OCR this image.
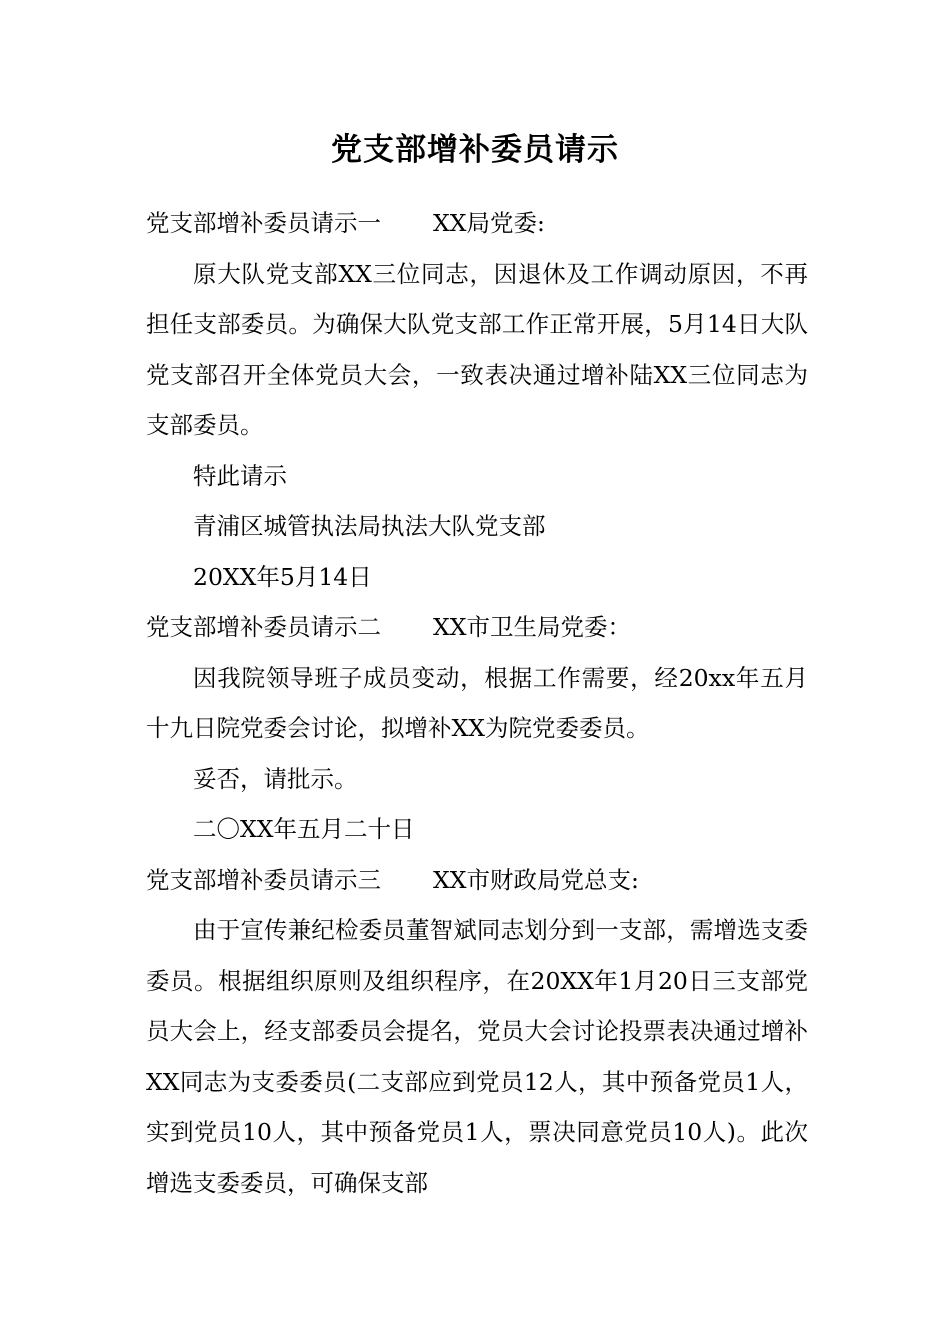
党支部增补委员请示

党支部增补委员请示一 XX局党委:

原大队党支部XX三位同志，因退休及工作调动原因，不再担任支部委员。为确保大队党支部工作正常开展，5月14日大队党支部召开全体党员大会，一致表决通过增补陆XX三位同志为支部委员。

特此请示

青浦区城管执法局执法大队党支部

20XX年5月14日

党支部增补委员请示二 XX市卫生局党委：

因我院领导班子成员变动，根据工作需要，经20xx年五月十九日院党委会讨论，拟增补XX为院党委委员。

妥否，请批示。

二〇XX年五月二十日

党支部增补委员请示三 XX市财政局党总支:

由于宣传兼纪检委员董智斌同志划分到一支部，需增选支委委员。根据组织原则及组织程序，在20XX年1月20日三支部党员大会上，经支部委员会提名，党员大会讨论投票表决通过增补XX同志为支委委员(二支部应到党员12人，其中预备党员1人，实到党员10人，其中预备党员1人，票决同意党员10人)。此次增选支委委员，可确保支部
